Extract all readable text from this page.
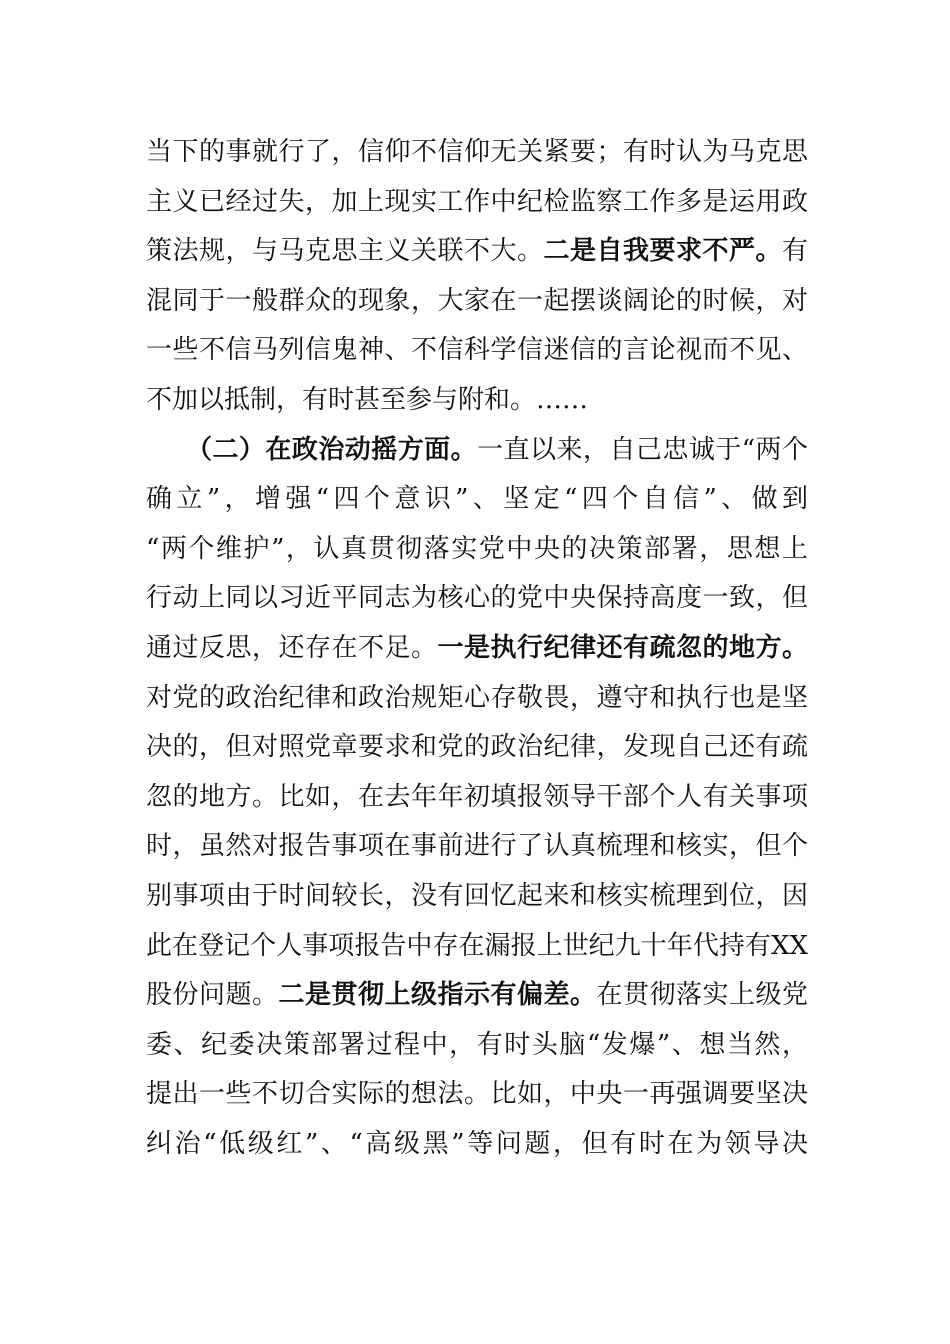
当下的事就行了，信仰不信仰无关紧要；有时认为马克思
主义已经过失，加上现实工作中纪检监察工作多是运用政
策法规，与马克思主义关联不大。二是自我要求不严。有
混同于一般群众的现象，大家在一起摆谈阔论的时候，对
一些不信马列信鬼神、不信科学信迷信的言论视而不见、
不加以抵制，有时甚至参与附和。……
（二）在政治动摇方面。一直以来，自己忠诚于“两个
确立”，增强“四个意识”、坚定“四个自信”、做到
“两个维护”，认真贯彻落实党中央的决策部署，思想上
行动上同以习近平同志为核心的党中央保持高度一致，但
通过反思，还存在不足。一是执行纪律还有疏忽的地方。
对党的政治纪律和政治规矩心存敬畏，遵守和执行也是坚
决的，但对照党章要求和党的政治纪律，发现自己还有疏
忽的地方。比如，在去年年初填报领导干部个人有关事项
时，虽然对报告事项在事前进行了认真梳理和核实，但个
别事项由于时间较长，没有回忆起来和核实梳理到位，因
此在登记个人事项报告中存在漏报上世纪九十年代持有XX
股份问题。二是贯彻上级指示有偏差。在贯彻落实上级党
委、纪委决策部署过程中，有时头脑“发爆”、想当然，
提出一些不切合实际的想法。比如，中央一再强调要坚决
纠治“低级红”、“高级黑”等问题，但有时在为领导决
